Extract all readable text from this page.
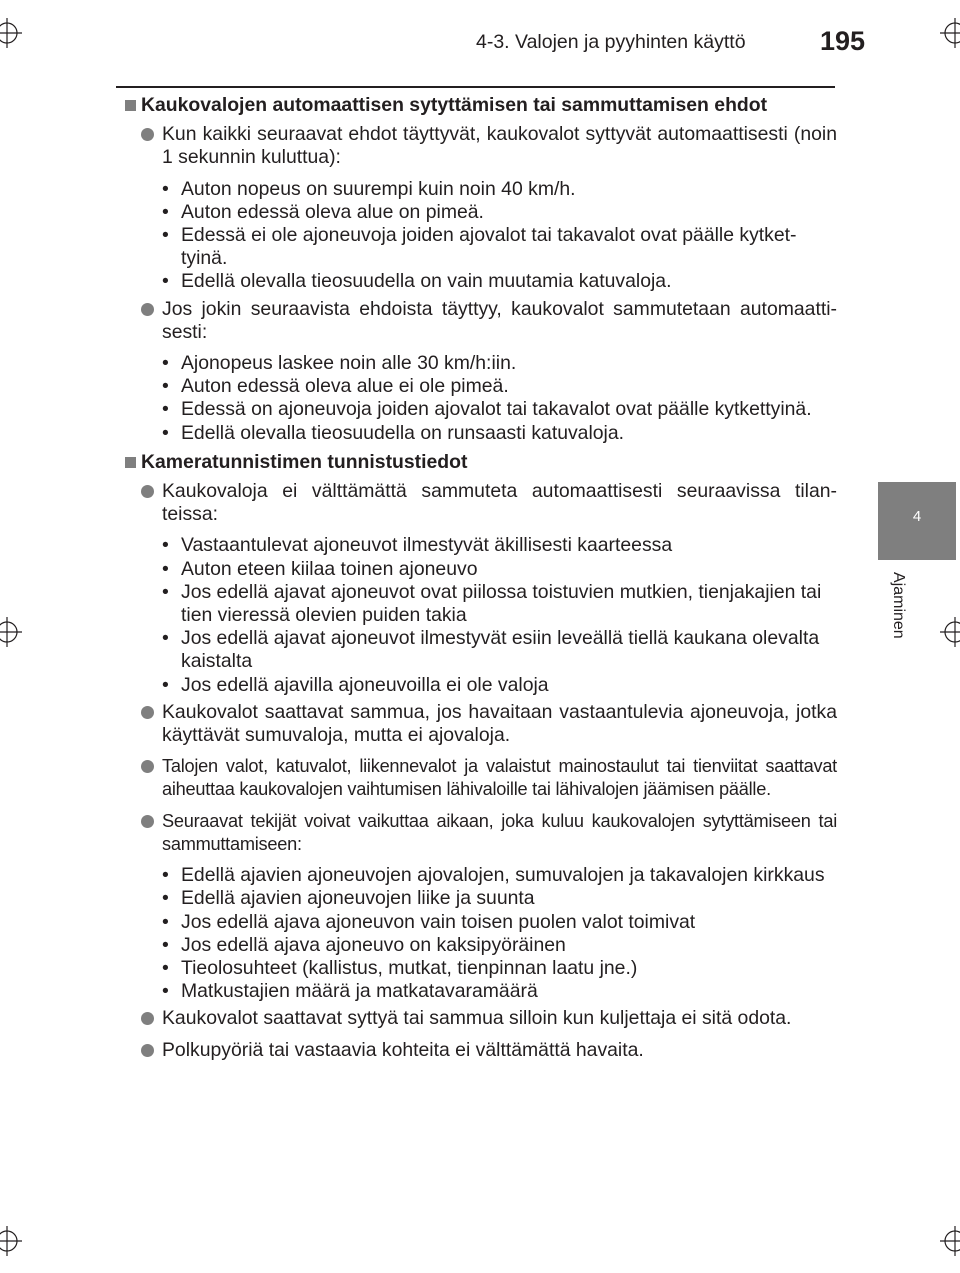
4-3. Valojen ja pyyhinten käyttö	195
4
Ajaminen
Kaukovalojen automaattisen sytyttämisen tai sammuttamisen ehdot
Kun kaikki seuraavat ehdot täyttyvät, kaukovalot syttyvät automaattisesti (noin 1 sekunnin kuluttua):
• Auton nopeus on suurempi kuin noin 40 km/h.
• Auton edessä oleva alue on pimeä.
• Edessä ei ole ajoneuvoja joiden ajovalot tai takavalot ovat päälle kytket-tyinä.
• Edellä olevalla tieosuudella on vain muutamia katuvaloja.
Jos jokin seuraavista ehdoista täyttyy, kaukovalot sammutetaan automaatti-sesti:
• Ajonopeus laskee noin alle 30 km/h:iin.
• Auton edessä oleva alue ei ole pimeä.
• Edessä on ajoneuvoja joiden ajovalot tai takavalot ovat päälle kytkettyinä.
• Edellä olevalla tieosuudella on runsaasti katuvaloja.
Kameratunnistimen tunnistustiedot
Kaukovaloja ei välttämättä sammuteta automaattisesti seuraavissa tilan-teissa:
• Vastaantulevat ajoneuvot ilmestyvät äkillisesti kaarteessa
• Auton eteen kiilaa toinen ajoneuvo
• Jos edellä ajavat ajoneuvot ovat piilossa toistuvien mutkien, tienjakajien tai tien vieressä olevien puiden takia
• Jos edellä ajavat ajoneuvot ilmestyvät esiin leveällä tiellä kaukana olevalta kaistalta
• Jos edellä ajavilla ajoneuvoilla ei ole valoja
Kaukovalot saattavat sammua, jos havaitaan vastaantulevia ajoneuvoja, jotka käyttävät sumuvaloja, mutta ei ajovaloja.
Talojen valot, katuvalot, liikennevalot ja valaistut mainostaulut tai tienviitat saattavat aiheuttaa kaukovalojen vaihtumisen lähivaloille tai lähivalojen jäämisen päälle.
Seuraavat tekijät voivat vaikuttaa aikaan, joka kuluu kaukovalojen sytyttämiseen tai sammuttamiseen:
• Edellä ajavien ajoneuvojen ajovalojen, sumuvalojen ja takavalojen kirkkaus
• Edellä ajavien ajoneuvojen liike ja suunta
• Jos edellä ajava ajoneuvon vain toisen puolen valot toimivat
• Jos edellä ajava ajoneuvo on kaksipyöräinen
• Tieolosuhteet (kallistus, mutkat, tienpinnan laatu jne.)
• Matkustajien määrä ja matkatavaramäärä
Kaukovalot saattavat syttyä tai sammua silloin kun kuljettaja ei sitä odota.
Polkupyöriä tai vastaavia kohteita ei välttämättä havaita.
